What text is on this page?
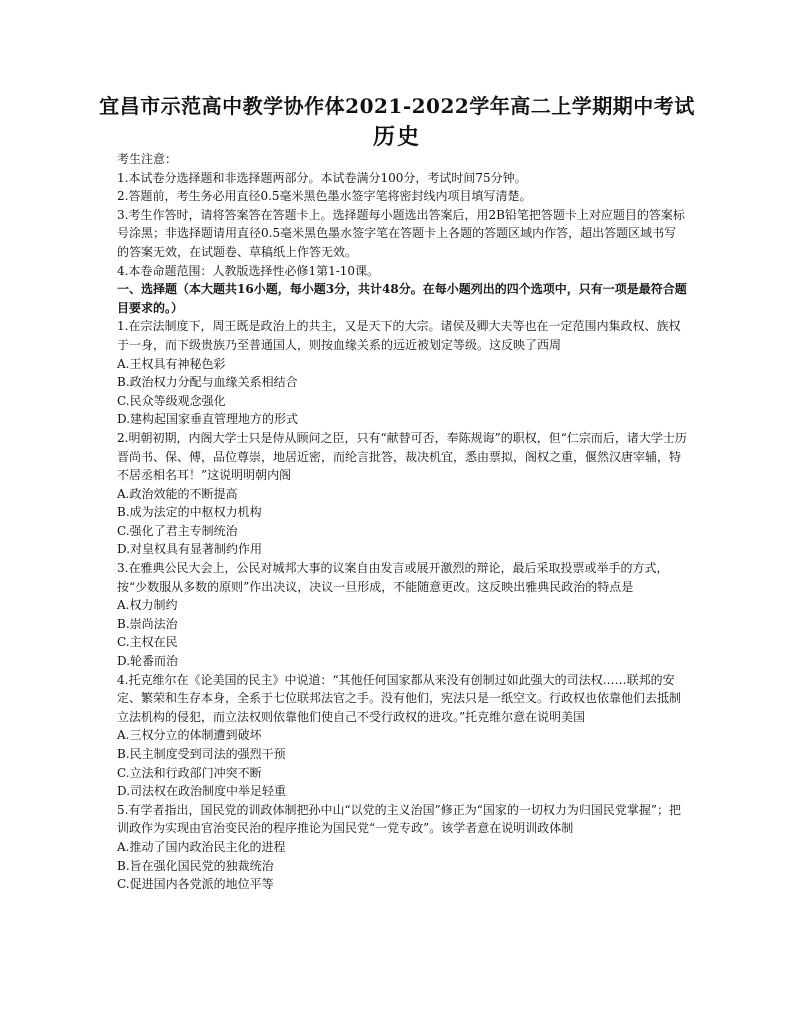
宜昌市示范高中教学协作体2021-2022学年高二上学期期中考试
历史

考生注意：

1.本试卷分选择题和非选择题两部分。本试卷满分100分，考试时间75分钟。

2.答题前，考生务必用直径0.5毫米黑色墨水签字笔将密封线内项目填写清楚。

3.考生作答时，请将答案答在答题卡上。选择题每小题选出答案后，用2B铅笔把答题卡上对应题目的答案标号涂黑；非选择题请用直径0.5毫米黑色墨水签字笔在答题卡上各题的答题区域内作答，超出答题区域书写的答案无效，在试题卷、草稿纸上作答无效。

4.本卷命题范围：人教版选择性必修1第1-10课。

一、选择题（本大题共16小题，每小题3分，共计48分。在每小题列出的四个选项中，只有一项是最符合题目要求的。）

1.在宗法制度下，周王既是政治上的共主，又是天下的大宗。诸侯及卿大夫等也在一定范围内集政权、族权于一身，而下级贵族乃至普通国人，则按血缘关系的远近被划定等级。这反映了西周

A.王权具有神秘色彩

B.政治权力分配与血缘关系相结合

C.民众等级观念强化

D.建构起国家垂直管理地方的形式

2.明朝初期，内阁大学士只是侍从顾问之臣，只有“献替可否，奉陈规诲”的职权，但“仁宗而后，诸大学士历晋尚书、保、傅，品位尊崇，地居近密，而纶言批答，裁决机宜，悉由票拟，阁权之重，偃然汉唐宰辅，特不居丞相名耳！”这说明明朝内阁

A.政治效能的不断提高

B.成为法定的中枢权力机构

C.强化了君主专制统治

D.对皇权具有显著制约作用

3.在雅典公民大会上，公民对城邦大事的议案自由发言或展开激烈的辩论，最后采取投票或举手的方式，按“少数服从多数的原则”作出决议，决议一旦形成，不能随意更改。这反映出雅典民政治的特点是

A.权力制约

B.崇尚法治

C.主权在民

D.轮番而治

4.托克维尔在《论美国的民主》中说道：“其他任何国家都从来没有创制过如此强大的司法权……联邦的安定、繁荣和生存本身，全系于七位联邦法官之手。没有他们，宪法只是一纸空文。行政权也依靠他们去抵制立法机构的侵犯，而立法权则依靠他们使自己不受行政权的进攻。”托克维尔意在说明美国

A.三权分立的体制遭到破坏

B.民主制度受到司法的强烈干预

C.立法和行政部门冲突不断

D.司法权在政治制度中举足轻重

5.有学者指出，国民党的训政体制把孙中山“以党的主义治国”修正为“国家的一切权力为归国民党掌握”；把训政作为实现由官治变民治的程序推论为国民党“一党专政”。该学者意在说明训政体制

A.推动了国内政治民主化的进程

B.旨在强化国民党的独裁统治

C.促进国内各党派的地位平等
